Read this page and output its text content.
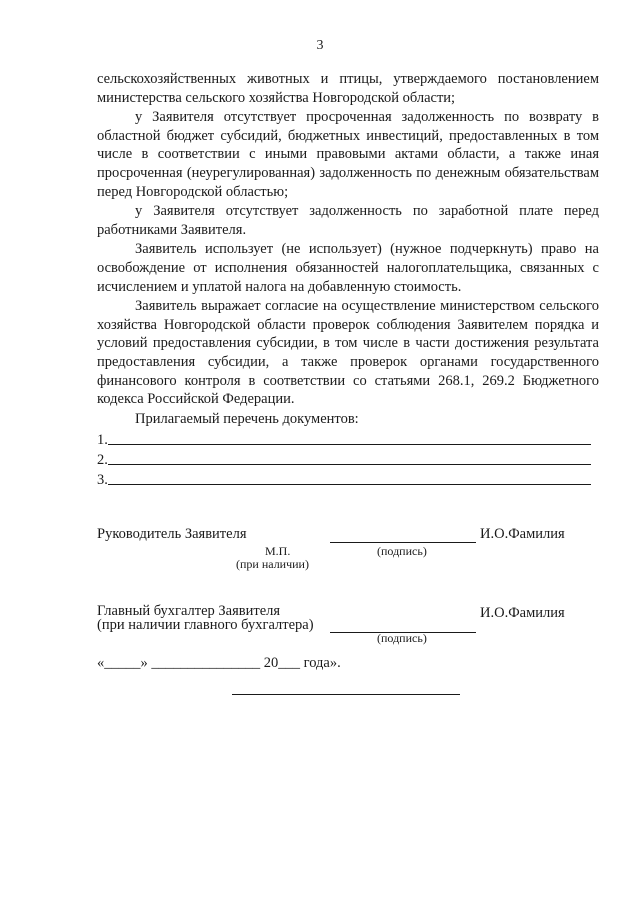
3

сельскохозяйственных животных и птицы, утверждаемого постановлением министерства сельского хозяйства Новгородской области;

у Заявителя отсутствует просроченная задолженность по возврату в областной бюджет субсидий, бюджетных инвестиций, предоставленных в том числе в соответствии с иными правовыми актами области, а также иная просроченная (неурегулированная) задолженность по денежным обязательствам перед Новгородской областью;

у Заявителя отсутствует задолженность по заработной плате перед работниками Заявителя.

Заявитель использует (не использует) (нужное подчеркнуть) право на освобождение от исполнения обязанностей налогоплательщика, связанных с исчислением и уплатой налога на добавленную стоимость.

Заявитель выражает согласие на осуществление министерством сельского хозяйства Новгородской области проверок соблюдения Заявителем порядка и условий предоставления субсидии, в том числе в части достижения результата предоставления субсидии, а также проверок органами государственного финансового контроля в соответствии со статьями 268.1, 269.2 Бюджетного кодекса Российской Федерации.

Прилагаемый перечень документов:

1.
2.
3.
Руководитель Заявителя	И.О.Фамилия
М.П.	(подпись)
(при наличии)
Главный бухгалтер Заявителя
(при наличии главного бухгалтера)
И.О.Фамилия
(подпись)
«_____» _______________ 20___ года».
